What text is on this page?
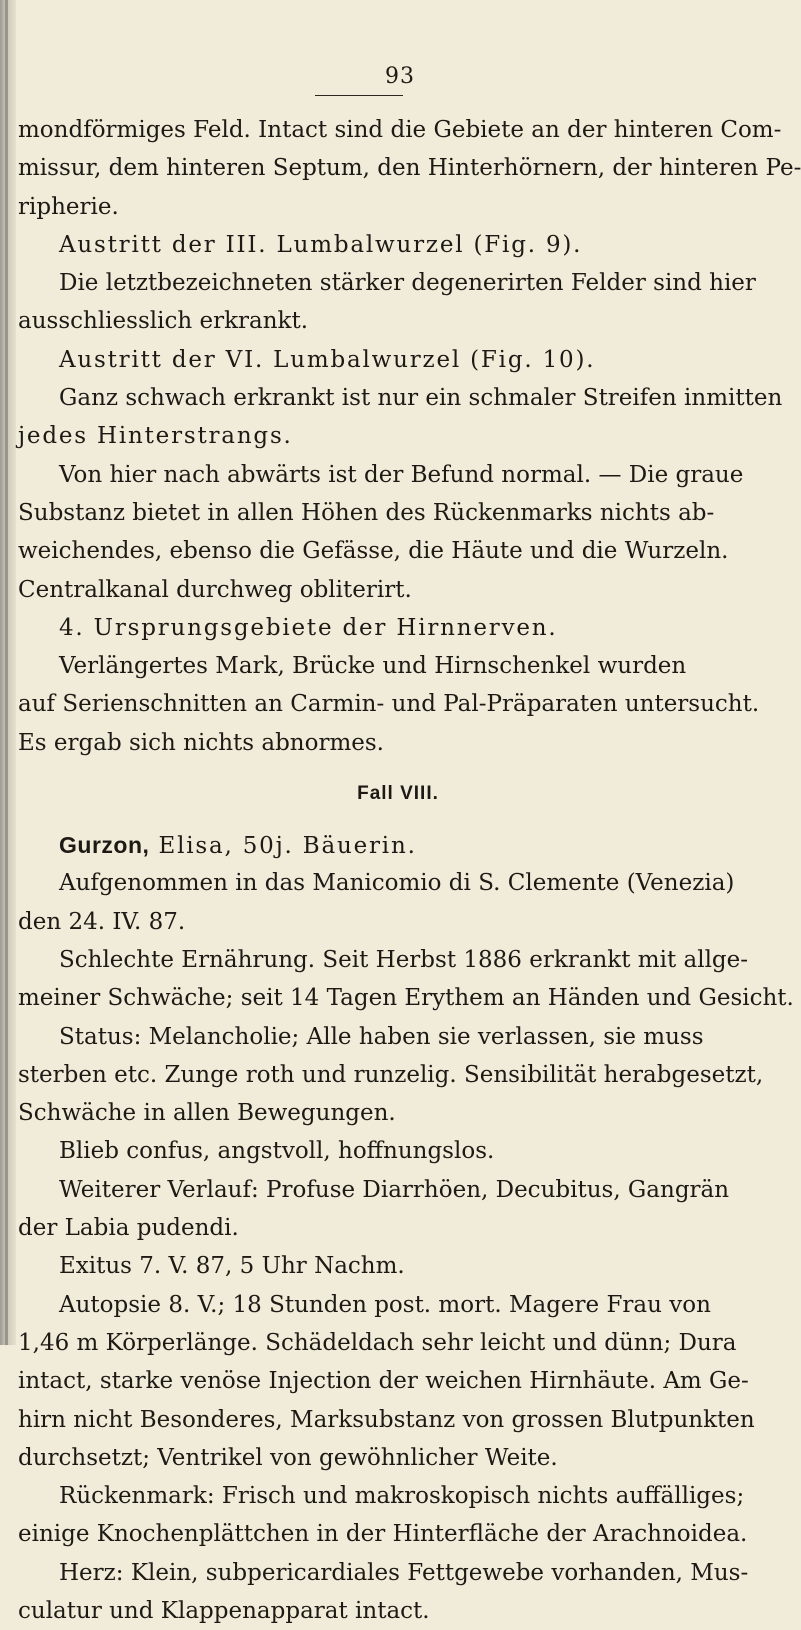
93
mondförmiges Feld. Intact sind die Gebiete an der hinteren Com-
missur, dem hinteren Septum, den Hinterhörnern, der hinteren Pe-
ripherie.
Austritt der III. Lumbalwurzel (Fig. 9).
Die letztbezeichneten stärker degenerirten Felder sind hier
ausschliesslich erkrankt.
Austritt der VI. Lumbalwurzel (Fig. 10).
Ganz schwach erkrankt ist nur ein schmaler Streifen inmitten
jedes Hinterstrangs.
Von hier nach abwärts ist der Befund normal. — Die graue
Substanz bietet in allen Höhen des Rückenmarks nichts ab-
weichendes, ebenso die Gefässe, die Häute und die Wurzeln.
Centralkanal durchweg obliterirt.
4. Ursprungsgebiete der Hirnnerven.
Verlängertes Mark, Brücke und Hirnschenkel wurden
auf Serienschnitten an Carmin- und Pal-Präparaten untersucht.
Es ergab sich nichts abnormes.
Fall VIII.
Gurzon, Elisa, 50j. Bäuerin.
Aufgenommen in das Manicomio di S. Clemente (Venezia)
den 24. IV. 87.
Schlechte Ernährung. Seit Herbst 1886 erkrankt mit allge-
meiner Schwäche; seit 14 Tagen Erythem an Händen und Gesicht.
Status: Melancholie; Alle haben sie verlassen, sie muss
sterben etc. Zunge roth und runzelig. Sensibilität herabgesetzt,
Schwäche in allen Bewegungen.
Blieb confus, angstvoll, hoffnungslos.
Weiterer Verlauf: Profuse Diarrhöen, Decubitus, Gangrän
der Labia pudendi.
Exitus 7. V. 87, 5 Uhr Nachm.
Autopsie 8. V.; 18 Stunden post. mort. Magere Frau von
1,46 m Körperlänge. Schädeldach sehr leicht und dünn; Dura
intact, starke venöse Injection der weichen Hirnhäute. Am Ge-
hirn nicht Besonderes, Marksubstanz von grossen Blutpunkten
durchsetzt; Ventrikel von gewöhnlicher Weite.
Rückenmark: Frisch und makroskopisch nichts auffälliges;
einige Knochenplättchen in der Hinterfläche der Arachnoidea.
Herz: Klein, subpericardiales Fettgewebe vorhanden, Mus-
culatur und Klappenapparat intact.
